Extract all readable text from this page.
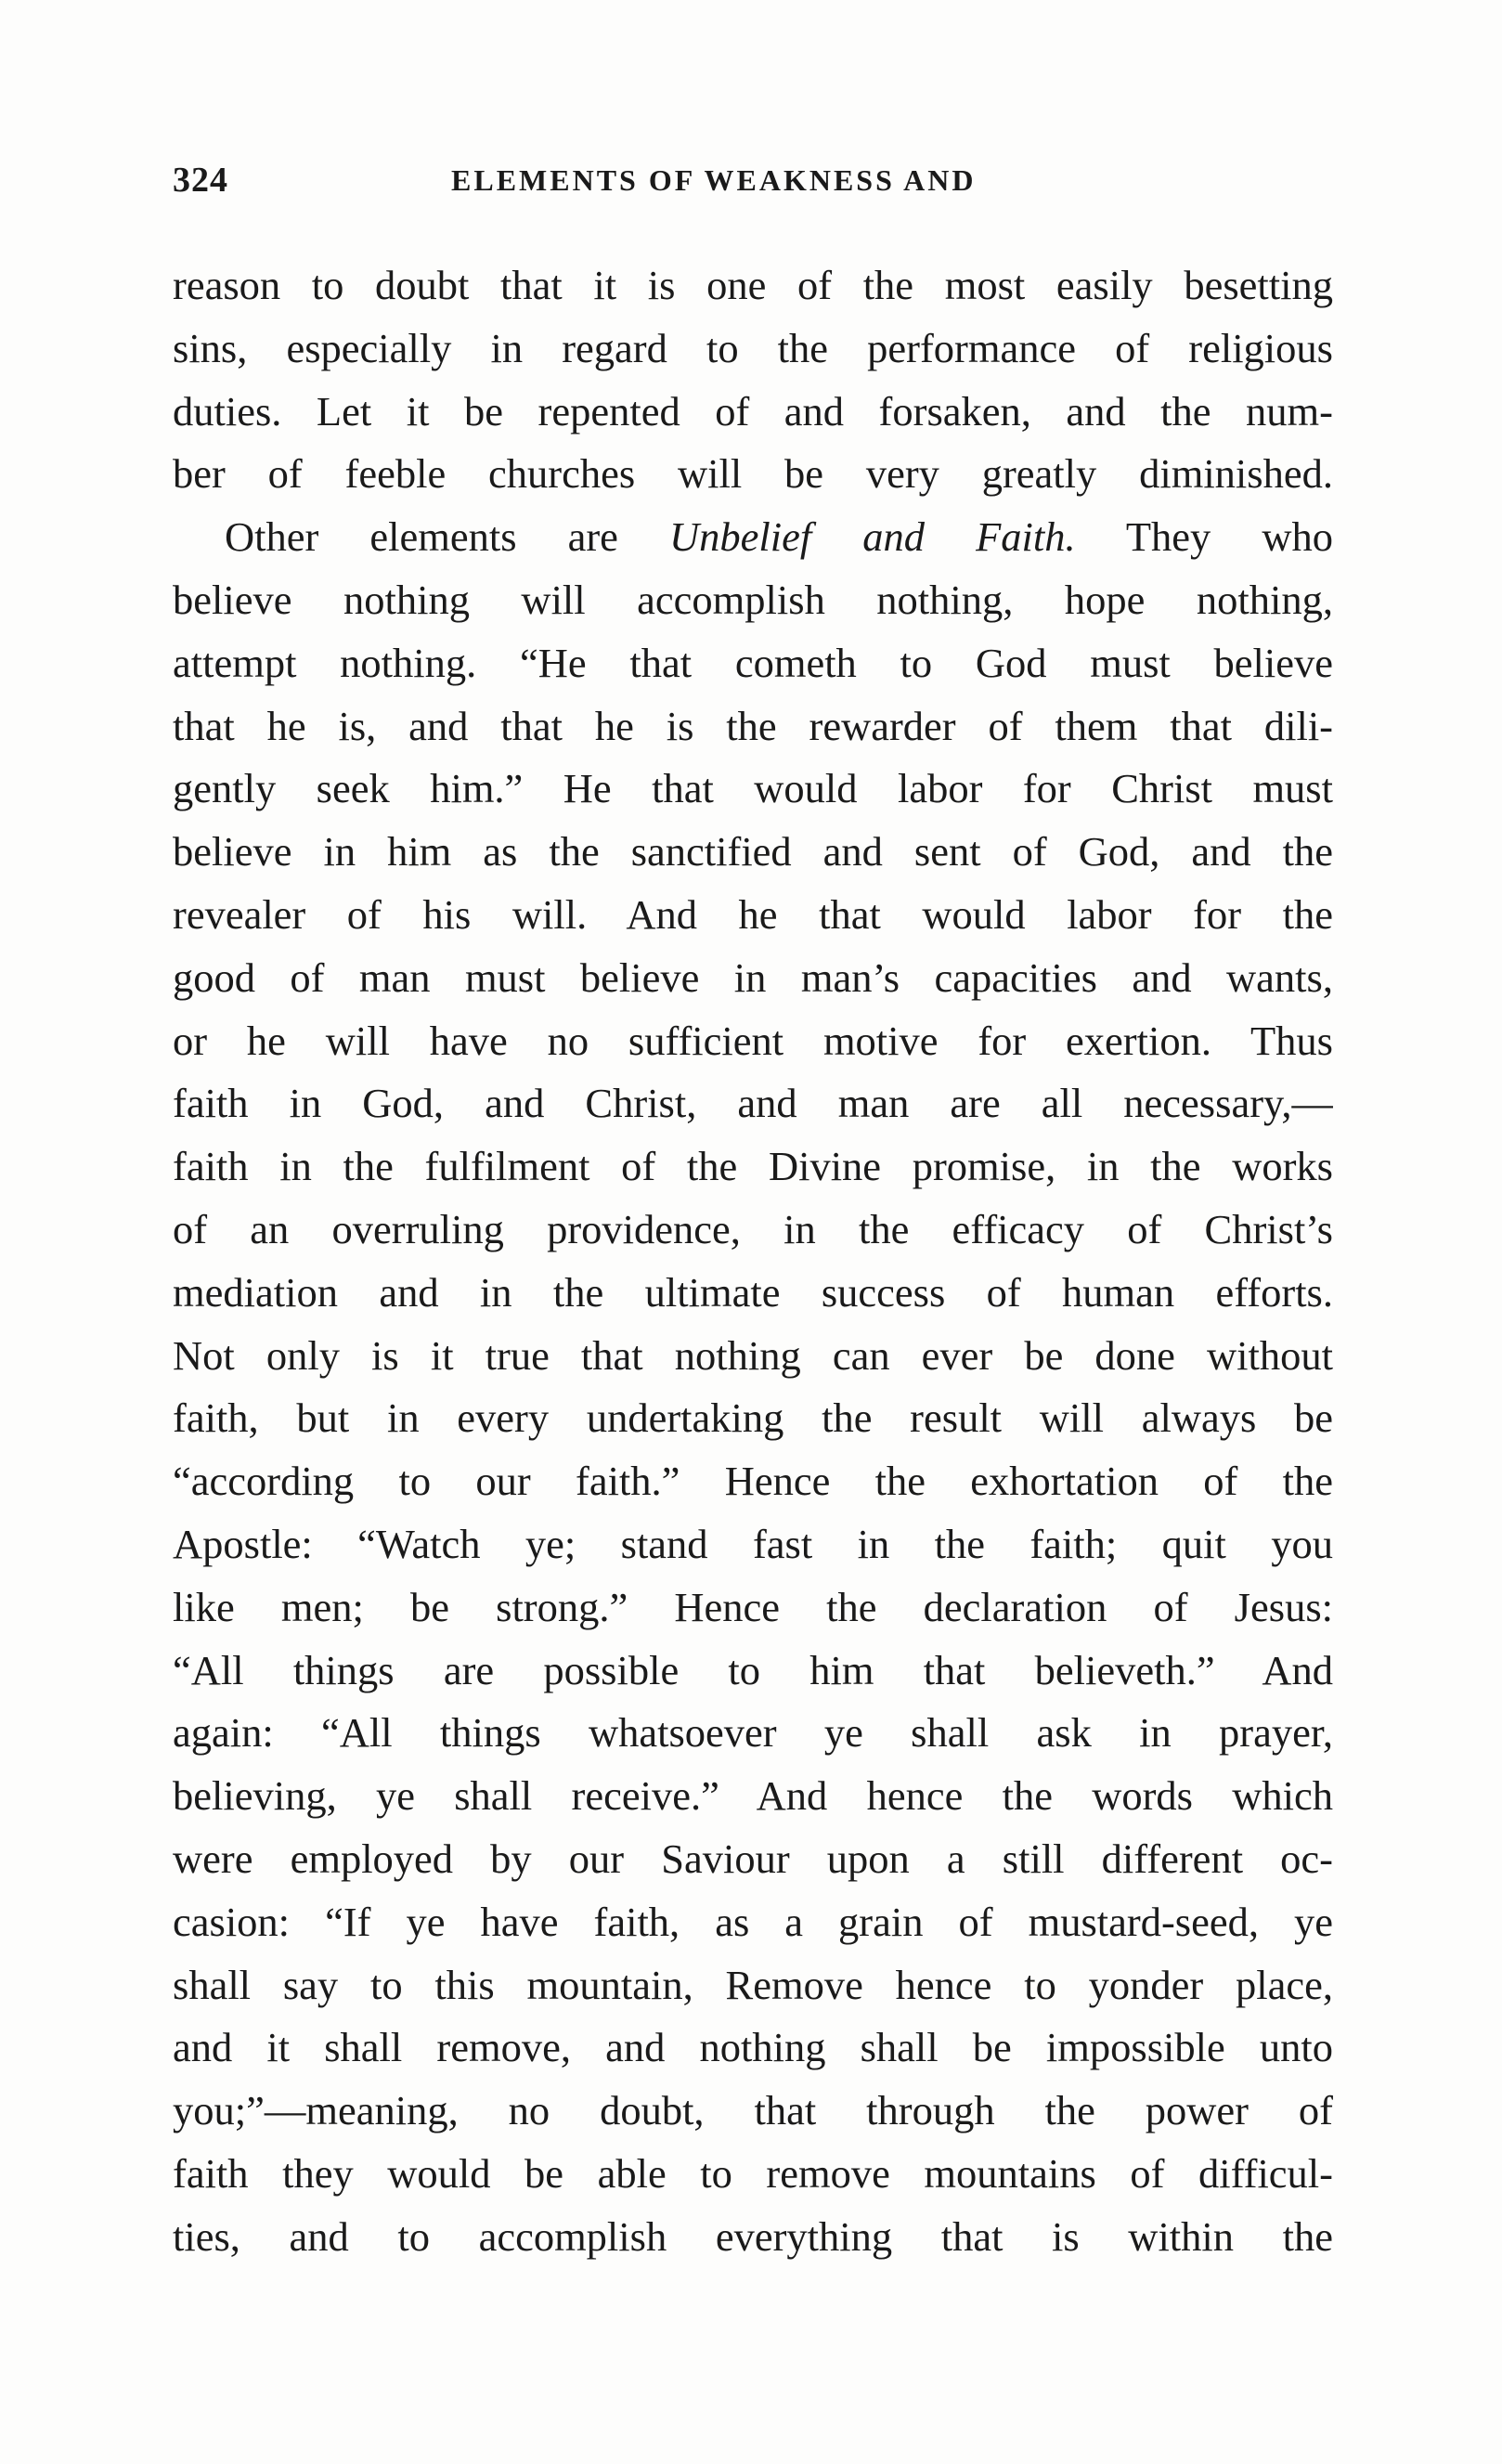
324	ELEMENTS OF WEAKNESS AND
reason to doubt that it is one of the most easily besetting
sins, especially in regard to the performance of religious
duties. Let it be repented of and forsaken, and the num-
ber of feeble churches will be very greatly diminished.
Other elements are Unbelief and Faith. They who
believe nothing will accomplish nothing, hope nothing,
attempt nothing. “He that cometh to God must believe
that he is, and that he is the rewarder of them that dili-
gently seek him.” He that would labor for Christ must
believe in him as the sanctified and sent of God, and the
revealer of his will. And he that would labor for the
good of man must believe in man’s capacities and wants,
or he will have no sufficient motive for exertion. Thus
faith in God, and Christ, and man are all necessary,—
faith in the fulfilment of the Divine promise, in the works
of an overruling providence, in the efficacy of Christ’s
mediation and in the ultimate success of human efforts.
Not only is it true that nothing can ever be done without
faith, but in every undertaking the result will always be
“according to our faith.” Hence the exhortation of the
Apostle: “Watch ye; stand fast in the faith; quit you
like men; be strong.” Hence the declaration of Jesus:
“All things are possible to him that believeth.” And
again: “All things whatsoever ye shall ask in prayer,
believing, ye shall receive.” And hence the words which
were employed by our Saviour upon a still different oc-
casion: “If ye have faith, as a grain of mustard-seed, ye
shall say to this mountain, Remove hence to yonder place,
and it shall remove, and nothing shall be impossible unto
you;”—meaning, no doubt, that through the power of
faith they would be able to remove mountains of difficul-
ties, and to accomplish everything that is within the
